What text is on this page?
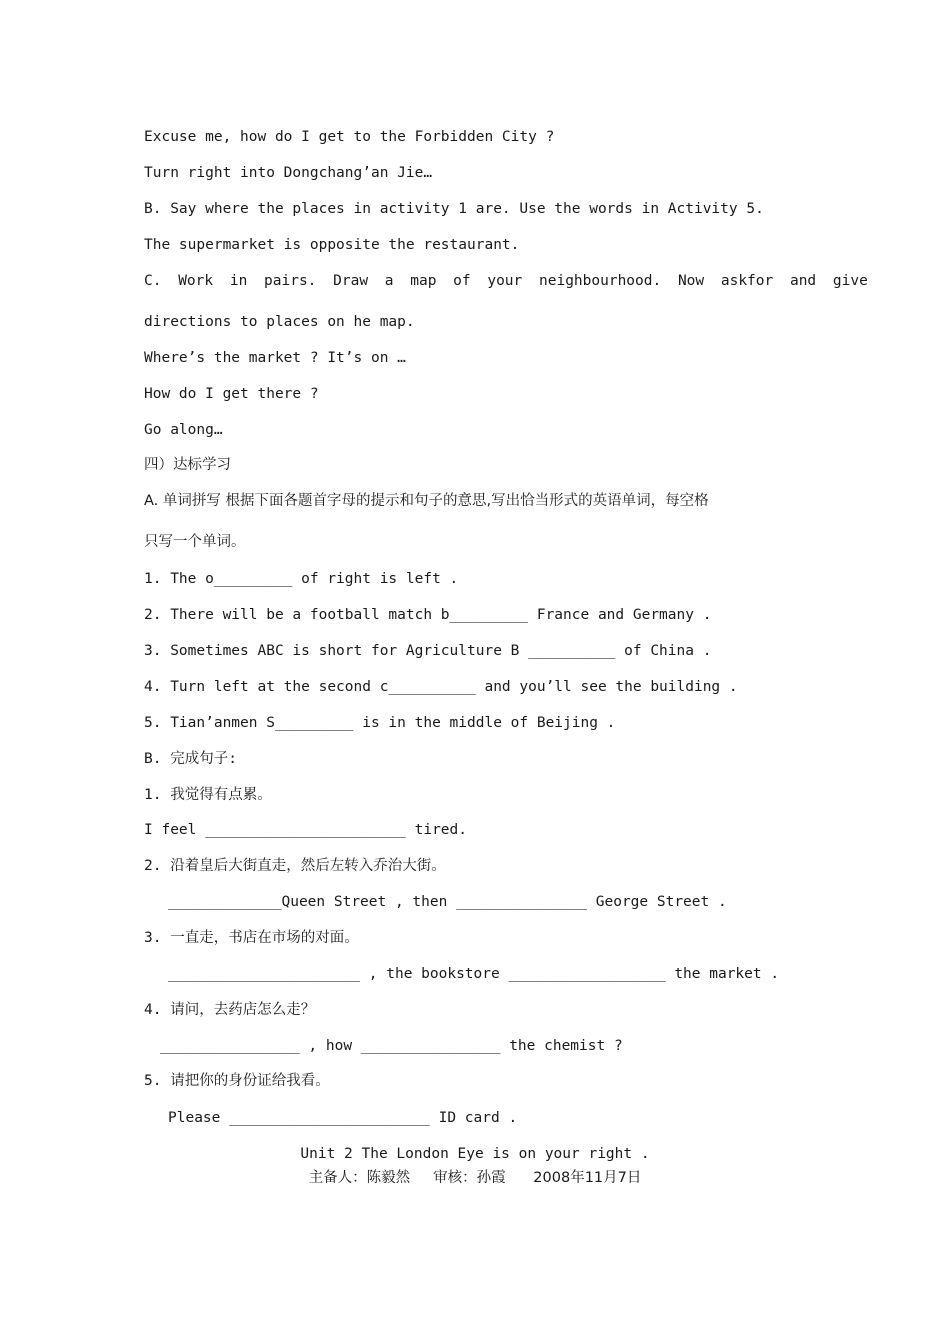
Excuse me, how do I get to the Forbidden City ?
Turn right into Dongchang’an Jie…
B. Say where the places in activity 1 are. Use the words in Activity 5.
The supermarket is opposite the restaurant.
C. Work in pairs. Draw a map of your neighbourhood. Now askfor and give
directions to places on he map.
Where’s the market ? It’s on …
How do I get there ?
Go along…
四）达标学习
A. 单词拼写 根据下面各题首字母的提示和句子的意思,写出恰当形式的英语单词，每空格
只写一个单词。
1. The o_________ of right is left .
2. There will be a football match b_________ France and Germany .
3. Sometimes ABC is short for Agriculture B __________ of China .
4. Turn left at the second c__________ and you’ll see the building .
5. Tian’anmen S_________ is in the middle of Beijing .
B. 完成句子:
1. 我觉得有点累。
I feel _______________________ tired.
2. 沿着皇后大街直走，然后左转入乔治大街。
_____________Queen Street , then _______________ George Street .
3. 一直走，书店在市场的对面。
______________________ , the bookstore __________________ the market .
4. 请问，去药店怎么走？
________________ , how ________________ the chemist ?
5. 请把你的身份证给我看。
Please _______________________ ID card .
Unit 2 The London Eye is on your right .
主备人：陈毅然     审核：孙霞      2008年11月7日
